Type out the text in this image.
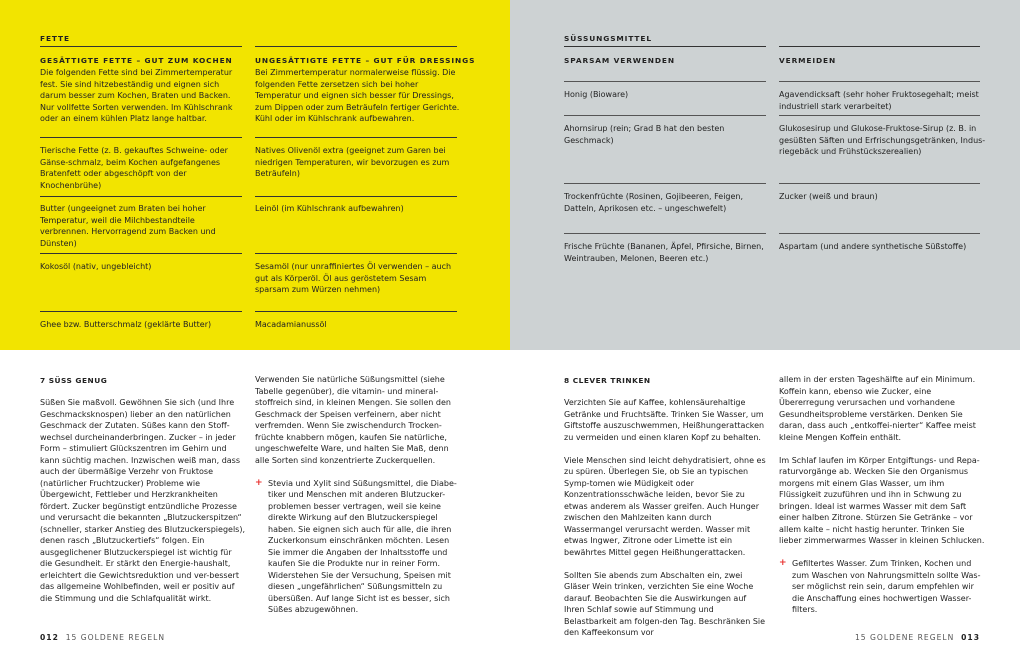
FETTE
GESÄTTIGTE FETTE – GUT ZUM KOCHEN
Die folgenden Fette sind bei Zimmertemperatur fest. Sie sind hitzebeständig und eignen sich darum besser zum Kochen, Braten und Backen. Nur vollfette Sorten verwenden. Im Kühlschrank oder an einem kühlen Platz lange haltbar.
Tierische Fette (z. B. gekauftes Schweine- oder Gänse-schmalz, beim Kochen aufgefangenes Bratenfett oder abgeschöpft von der Knochenbrühe)
Butter (ungeeignet zum Braten bei hoher Temperatur, weil die Milchbestandteile verbrennen. Hervorragend zum Backen und Dünsten)
Kokosöl (nativ, ungebleicht)
Ghee bzw. Butterschmalz (geklärte Butter)
UNGESÄTTIGTE FETTE – GUT FÜR DRESSINGS
Bei Zimmertemperatur normalerweise flüssig. Die folgenden Fette zersetzen sich bei hoher Temperatur und eignen sich besser für Dressings, zum Dippen oder zum Beträufeln fertiger Gerichte. Kühl oder im Kühlschrank aufbewahren.
Natives Olivenöl extra (geeignet zum Garen bei niedrigen Temperaturen, wir bevorzugen es zum Beträufeln)
Leinöl (im Kühlschrank aufbewahren)
Sesamöl (nur unraffiniertes Öl verwenden – auch gut als Körperöl. Öl aus geröstetem Sesam sparsam zum Würzen nehmen)
Macadamianussöl
SÜSSUNGSMITTEL
SPARSAM VERWENDEN
Honig (Bioware)
Ahornsirup (rein; Grad B hat den besten Geschmack)
Trockenfrüchte (Rosinen, Gojibeeren, Feigen, Datteln, Aprikosen etc. – ungeschwefelt)
Frische Früchte (Bananen, Äpfel, Pfirsiche, Birnen, Weintrauben, Melonen, Beeren etc.)
VERMEIDEN
Agavendicksaft (sehr hoher Fruktosegehalt; meist industriell stark verarbeitet)
Glukosesirup und Glukose-Fruktose-Sirup (z. B. in gesüßten Säften und Erfrischungsgetränken, Indus-riegebäck und Frühstückszerealien)
Zucker (weiß und braun)
Aspartam (und andere synthetische Süßstoffe)
7 SÜSS GENUG

Süßen Sie maßvoll. Gewöhnen Sie sich (und Ihre Geschmacksknospen) lieber an den natürlichen Geschmack der Zutaten. Süßes kann den Stoff-wechsel durcheinanderbringen. Zucker – in jeder Form – stimuliert Glückszentren im Gehirn und kann süchtig machen. Inzwischen weiß man, dass auch der übermäßige Verzehr von Fruktose (natürlicher Fruchtzucker) Probleme wie Übergewicht, Fettleber und Herzkrankheiten fördert. Zucker begünstigt entzündliche Prozesse und verursacht die bekannten „Blutzuckerspitzen“ (schneller, starker Anstieg des Blutzuckerspiegels), denen rasch „Blutzuckertiefs“ folgen. Ein ausgeglichener Blutzuckerspiegel ist wichtig für die Gesundheit. Er stärkt den Energie-haushalt, erleichtert die Gewichtsreduktion und ver-bessert das allgemeine Wohlbefinden, weil er positiv auf die Stimmung und die Schlafqualität wirkt.

Verwenden Sie natürliche Süßungsmittel (siehe Tabelle gegenüber), die vitamin- und mineral-stoffreich sind, in kleinen Mengen. Sie sollen den Geschmack der Speisen verfeinern, aber nicht verfremden. Wenn Sie zwischendurch Trocken-früchte knabbern mögen, kaufen Sie natürliche, ungeschwefelte Ware, und halten Sie Maß, denn alle Sorten sind konzentrierte Zuckerquellen.

+ Stevia und Xylit sind Süßungsmittel, die Diabe-tiker und Menschen mit anderen Blutzucker-problemen besser vertragen, weil sie keine direkte Wirkung auf den Blutzuckerspiegel haben. Sie eignen sich auch für alle, die ihren Zuckerkonsum einschränken möchten. Lesen Sie immer die Angaben der Inhaltsstoffe und kaufen Sie die Produkte nur in reiner Form. Widerstehen Sie der Versuchung, Speisen mit diesen „ungefährlichen“ Süßungsmitteln zu übersüßen. Auf lange Sicht ist es besser, sich Süßes abzugewöhnen.
8 CLEVER TRINKEN

Verzichten Sie auf Kaffee, kohlensäurehaltige Getränke und Fruchtsäfte. Trinken Sie Wasser, um Giftstoffe auszuschwemmen, Heißhungerattacken zu vermeiden und einen klaren Kopf zu behalten.

Viele Menschen sind leicht dehydratisiert, ohne es zu spüren. Überlegen Sie, ob Sie an typischen Symp-tomen wie Müdigkeit oder Konzentrationsschwäche leiden, bevor Sie zu etwas anderem als Wasser greifen. Auch Hunger zwischen den Mahlzeiten kann durch Wassermangel verursacht werden. Wasser mit etwas Ingwer, Zitrone oder Limette ist ein bewährtes Mittel gegen Heißhungerattacken.

Sollten Sie abends zum Abschalten ein, zwei Gläser Wein trinken, verzichten Sie eine Woche darauf. Beobachten Sie die Auswirkungen auf Ihren Schlaf sowie auf Stimmung und Belastbarkeit am folgen-den Tag. Beschränken Sie den Kaffeekonsum vor

allem in der ersten Tageshälfte auf ein Minimum. Koffein kann, ebenso wie Zucker, eine Übererregung verursachen und vorhandene Gesundheitsprobleme verstärken. Denken Sie daran, dass auch „entkoffei-nierter“ Kaffee meist kleine Mengen Koffein enthält.

Im Schlaf laufen im Körper Entgiftungs- und Repa-raturvorgänge ab. Wecken Sie den Organismus morgens mit einem Glas Wasser, um ihm Flüssigkeit zuzuführen und ihn in Schwung zu bringen. Ideal ist warmes Wasser mit dem Saft einer halben Zitrone. Stürzen Sie Getränke – vor allem kalte – nicht hastig herunter. Trinken Sie lieber zimmerwarmes Wasser in kleinen Schlucken.

+ Gefiltertes Wasser. Zum Trinken, Kochen und zum Waschen von Nahrungsmitteln sollte Was-ser möglichst rein sein, darum empfehlen wir die Anschaffung eines hochwertigen Wasser-filters.
012 15 GOLDENE REGELN	15 GOLDENE REGELN 013
